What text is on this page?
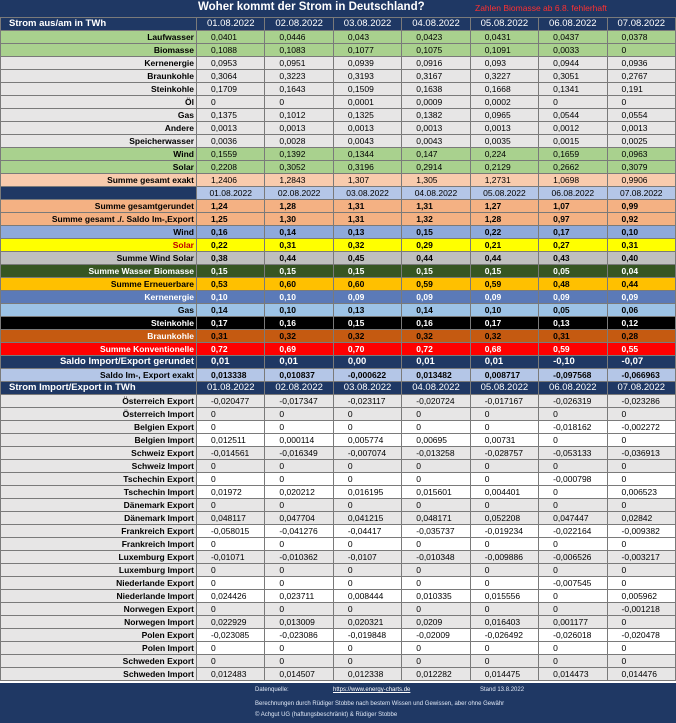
Woher kommt der Strom in Deutschland?	Zahlen Biomasse ab 6.8. fehlerhaft
Strom aus/am in TWh	01.08.2022	02.08.2022	03.08.2022	04.08.2022	05.08.2022	06.08.2022	07.08.2022
Laufwasser	0,0401	0,0446	0,043	0,0423	0,0431	0,0437	0,0378
Biomasse	0,1088	0,1083	0,1077	0,1075	0,1091	0,0033	0
Kernenergie	0,0953	0,0951	0,0939	0,0916	0,093	0,0944	0,0936
Braunkohle	0,3064	0,3223	0,3193	0,3167	0,3227	0,3051	0,2767
Steinkohle	0,1709	0,1643	0,1509	0,1638	0,1668	0,1341	0,191
Öl	0	0	0,0001	0,0009	0,0002	0	0
Gas	0,1375	0,1012	0,1325	0,1382	0,0965	0,0544	0,0554
Andere	0,0013	0,0013	0,0013	0,0013	0,0013	0,0012	0,0013
Speicherwasser	0,0036	0,0028	0,0043	0,0043	0,0035	0,0015	0,0025
Wind	0,1559	0,1392	0,1344	0,147	0,224	0,1659	0,0963
Solar	0,2208	0,3052	0,3196	0,2914	0,2129	0,2662	0,3079
Summe gesamt exakt	1,2406	1,2843	1,307	1,305	1,2731	1,0698	0,9906
	01.08.2022	02.08.2022	03.08.2022	04.08.2022	05.08.2022	06.08.2022	07.08.2022
Summe gesamtgerundet	1,24	1,28	1,31	1,31	1,27	1,07	0,99
Summe gesamt ./. Saldo Im-,Export	1,25	1,30	1,31	1,32	1,28	0,97	0,92
Wind	0,16	0,14	0,13	0,15	0,22	0,17	0,10
Solar	0,22	0,31	0,32	0,29	0,21	0,27	0,31
Summe Wind Solar	0,38	0,44	0,45	0,44	0,44	0,43	0,40
Summe Wasser Biomasse	0,15	0,15	0,15	0,15	0,15	0,05	0,04
Summe Erneuerbare	0,53	0,60	0,60	0,59	0,59	0,48	0,44
Kernenergie	0,10	0,10	0,09	0,09	0,09	0,09	0,09
Gas	0,14	0,10	0,13	0,14	0,10	0,05	0,06
Steinkohle	0,17	0,16	0,15	0,16	0,17	0,13	0,12
Braunkohle	0,31	0,32	0,32	0,32	0,32	0,31	0,28
Summe Konventionelle	0,72	0,69	0,70	0,72	0,68	0,59	0,55
Saldo Import/Export gerundet	0,01	0,01	0,00	0,01	0,01	-0,10	-0,07
Saldo Im-, Export exakt	0,013338	0,010837	-0,000622	0,013482	0,008717	-0,097568	-0,066963
Strom Import/Export in TWh	01.08.2022	02.08.2022	03.08.2022	04.08.2022	05.08.2022	06.08.2022	07.08.2022
Österreich Export	-0,020477	-0,017347	-0,023117	-0,020724	-0,017167	-0,026319	-0,023286
Österreich Import	0	0	0	0	0	0	0
Belgien Export	0	0	0	0	0	-0,018162	-0,002272
Belgien Import	0,012511	0,000114	0,005774	0,00695	0,00731	0	0
Schweiz Export	-0,014561	-0,016349	-0,007074	-0,013258	-0,028757	-0,053133	-0,036913
Schweiz Import	0	0	0	0	0	0	0
Tschechin Export	0	0	0	0	0	-0,000798	0
Tschechin Import	0,01972	0,020212	0,016195	0,015601	0,004401	0	0,006523
Dänemark Export	0	0	0	0	0	0	0
Dänemark Import	0,048117	0,047704	0,041215	0,048171	0,052208	0,047447	0,02842
Frankreich Export	-0,058015	-0,041276	-0,04417	-0,035737	-0,019234	-0,022164	-0,009382
Frankreich Import	0	0	0	0	0	0	0
Luxemburg Export	-0,01071	-0,010362	-0,0107	-0,010348	-0,009886	-0,006526	-0,003217
Luxemburg Import	0	0	0	0	0	0	0
Niederlande Export	0	0	0	0	0	-0,007545	0
Niederlande Import	0,024426	0,023711	0,008444	0,010335	0,015556	0	0,005962
Norwegen Export	0	0	0	0	0	0	-0,001218
Norwegen Import	0,022929	0,013009	0,020321	0,0209	0,016403	0,001177	0
Polen Export	-0,023085	-0,023086	-0,019848	-0,02009	-0,026492	-0,026018	-0,020478
Polen Import	0	0	0	0	0	0	0
Schweden Export	0	0	0	0	0	0	0
Schweden Import	0,012483	0,014507	0,012338	0,012282	0,014475	0,014473	0,014476
Datenquelle:	https://www.energy-charts.de	Stand 13.8.2022
Berechnungen durch Rüdiger Stobbe nach bestem Wissen und Gewissen, aber ohne Gewähr
© Achgut UG (haftungsbeschränkt) & Rüdiger Stobbe
